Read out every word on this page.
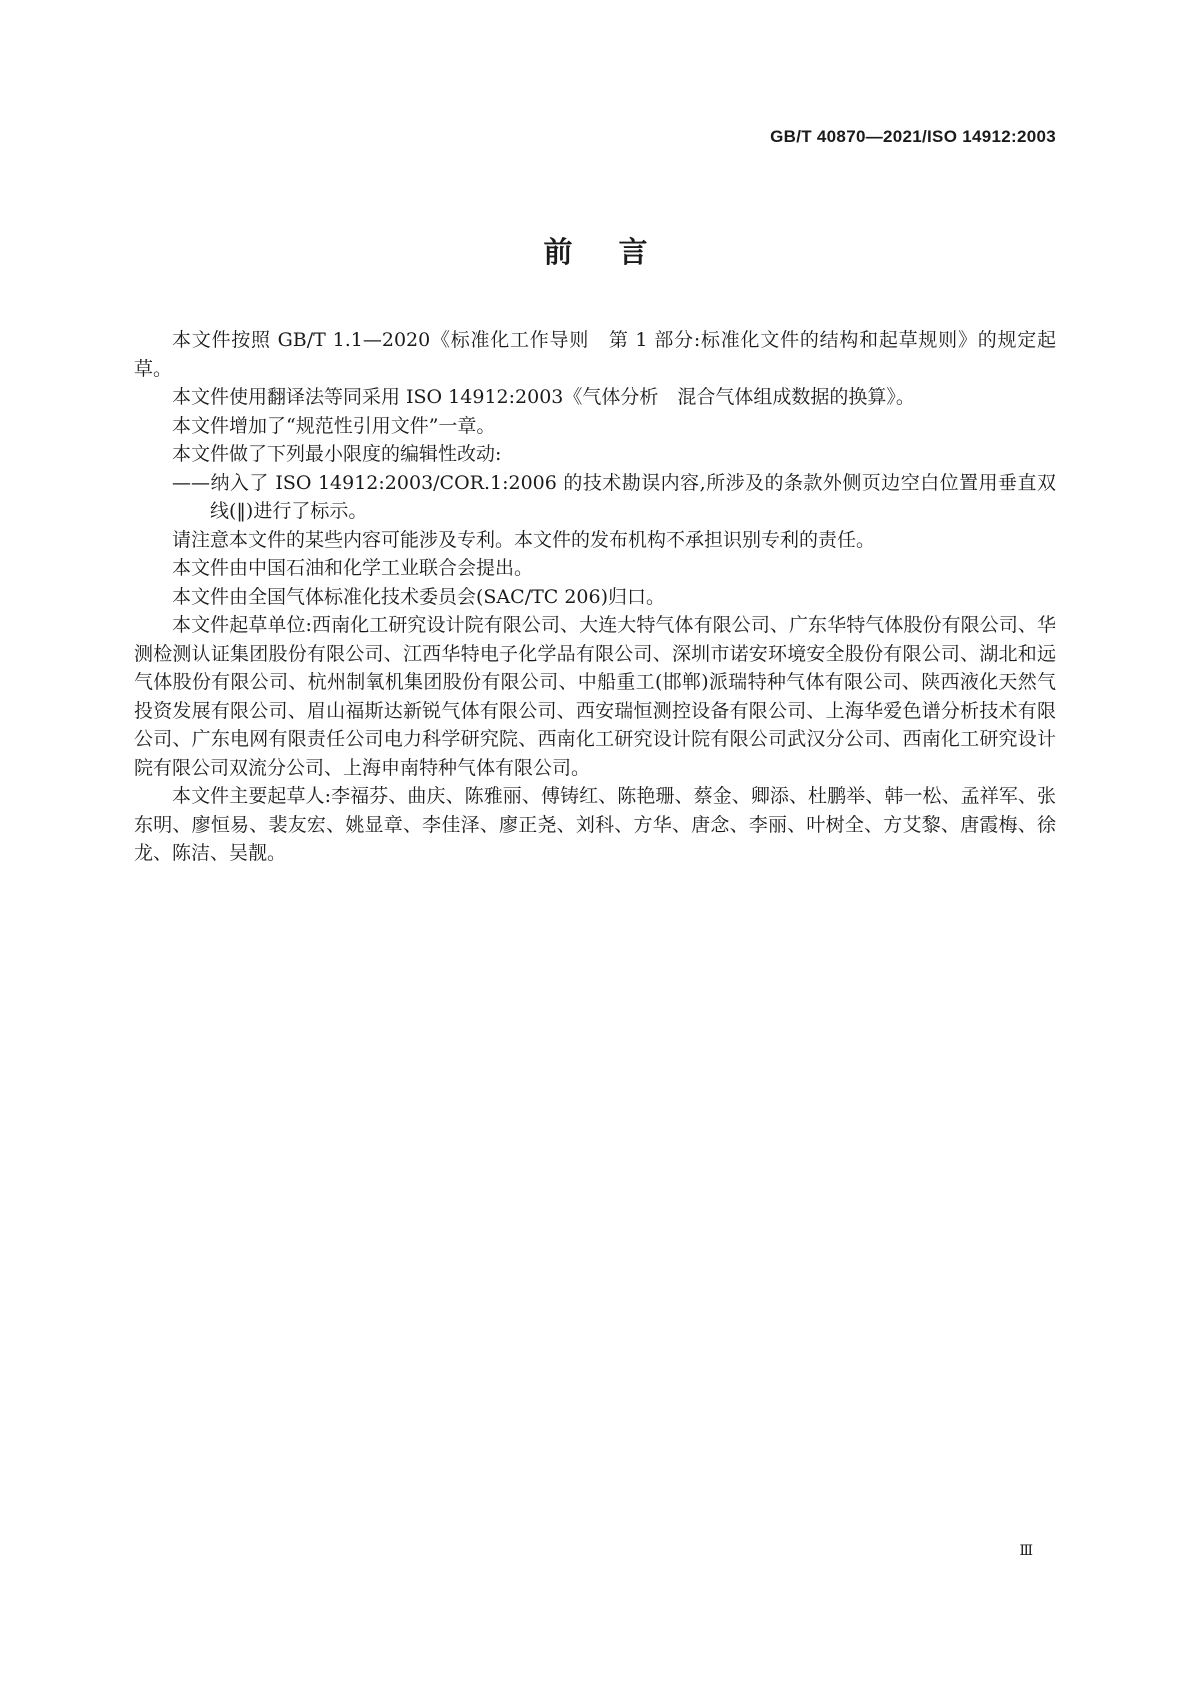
GB/T 40870—2021/ISO 14912:2003
前言

本文件按照 GB/T 1.1—2020《标准化工作导则　第 1 部分:标准化文件的结构和起草规则》的规定起草。

本文件使用翻译法等同采用 ISO 14912:2003《气体分析　混合气体组成数据的换算》。

本文件增加了“规范性引用文件”一章。

本文件做了下列最小限度的编辑性改动:

——纳入了 ISO 14912:2003/COR.1:2006 的技术勘误内容,所涉及的条款外侧页边空白位置用垂直双线(‖)进行了标示。

请注意本文件的某些内容可能涉及专利。本文件的发布机构不承担识别专利的责任。

本文件由中国石油和化学工业联合会提出。

本文件由全国气体标准化技术委员会(SAC/TC 206)归口。

本文件起草单位:西南化工研究设计院有限公司、大连大特气体有限公司、广东华特气体股份有限公司、华测检测认证集团股份有限公司、江西华特电子化学品有限公司、深圳市诺安环境安全股份有限公司、湖北和远气体股份有限公司、杭州制氧机集团股份有限公司、中船重工(邯郸)派瑞特种气体有限公司、陕西液化天然气投资发展有限公司、眉山福斯达新锐气体有限公司、西安瑞恒测控设备有限公司、上海华爱色谱分析技术有限公司、广东电网有限责任公司电力科学研究院、西南化工研究设计院有限公司武汉分公司、西南化工研究设计院有限公司双流分公司、上海申南特种气体有限公司。

本文件主要起草人:李福芬、曲庆、陈雅丽、傅铸红、陈艳珊、蔡金、卿添、杜鹏举、韩一松、孟祥军、张东明、廖恒易、裴友宏、姚显章、李佳泽、廖正尧、刘科、方华、唐念、李丽、叶树全、方艾黎、唐霞梅、徐龙、陈洁、吴靓。

Ⅲ
